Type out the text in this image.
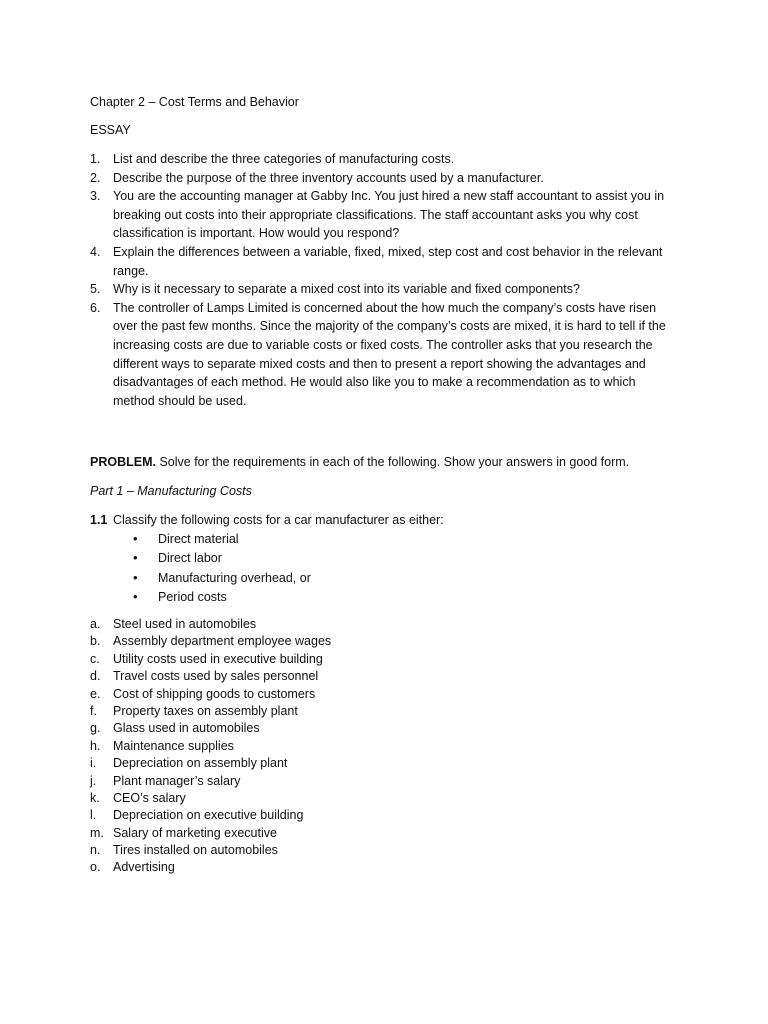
Chapter 2 – Cost Terms and Behavior
ESSAY
1. List and describe the three categories of manufacturing costs.
2. Describe the purpose of the three inventory accounts used by a manufacturer.
3. You are the accounting manager at Gabby Inc. You just hired a new staff accountant to assist you in breaking out costs into their appropriate classifications. The staff accountant asks you why cost classification is important. How would you respond?
4. Explain the differences between a variable, fixed, mixed, step cost and cost behavior in the relevant range.
5. Why is it necessary to separate a mixed cost into its variable and fixed components?
6. The controller of Lamps Limited is concerned about the how much the company’s costs have risen over the past few months. Since the majority of the company’s costs are mixed, it is hard to tell if the increasing costs are due to variable costs or fixed costs. The controller asks that you research the different ways to separate mixed costs and then to present a report showing the advantages and disadvantages of each method. He would also like you to make a recommendation as to which method should be used.
PROBLEM. Solve for the requirements in each of the following. Show your answers in good form.
Part 1 – Manufacturing Costs
1.1 Classify the following costs for a car manufacturer as either:
• Direct material
• Direct labor
• Manufacturing overhead, or
• Period costs
a. Steel used in automobiles
b. Assembly department employee wages
c. Utility costs used in executive building
d. Travel costs used by sales personnel
e. Cost of shipping goods to customers
f. Property taxes on assembly plant
g. Glass used in automobiles
h. Maintenance supplies
i. Depreciation on assembly plant
j. Plant manager’s salary
k. CEO’s salary
l. Depreciation on executive building
m. Salary of marketing executive
n. Tires installed on automobiles
o. Advertising
